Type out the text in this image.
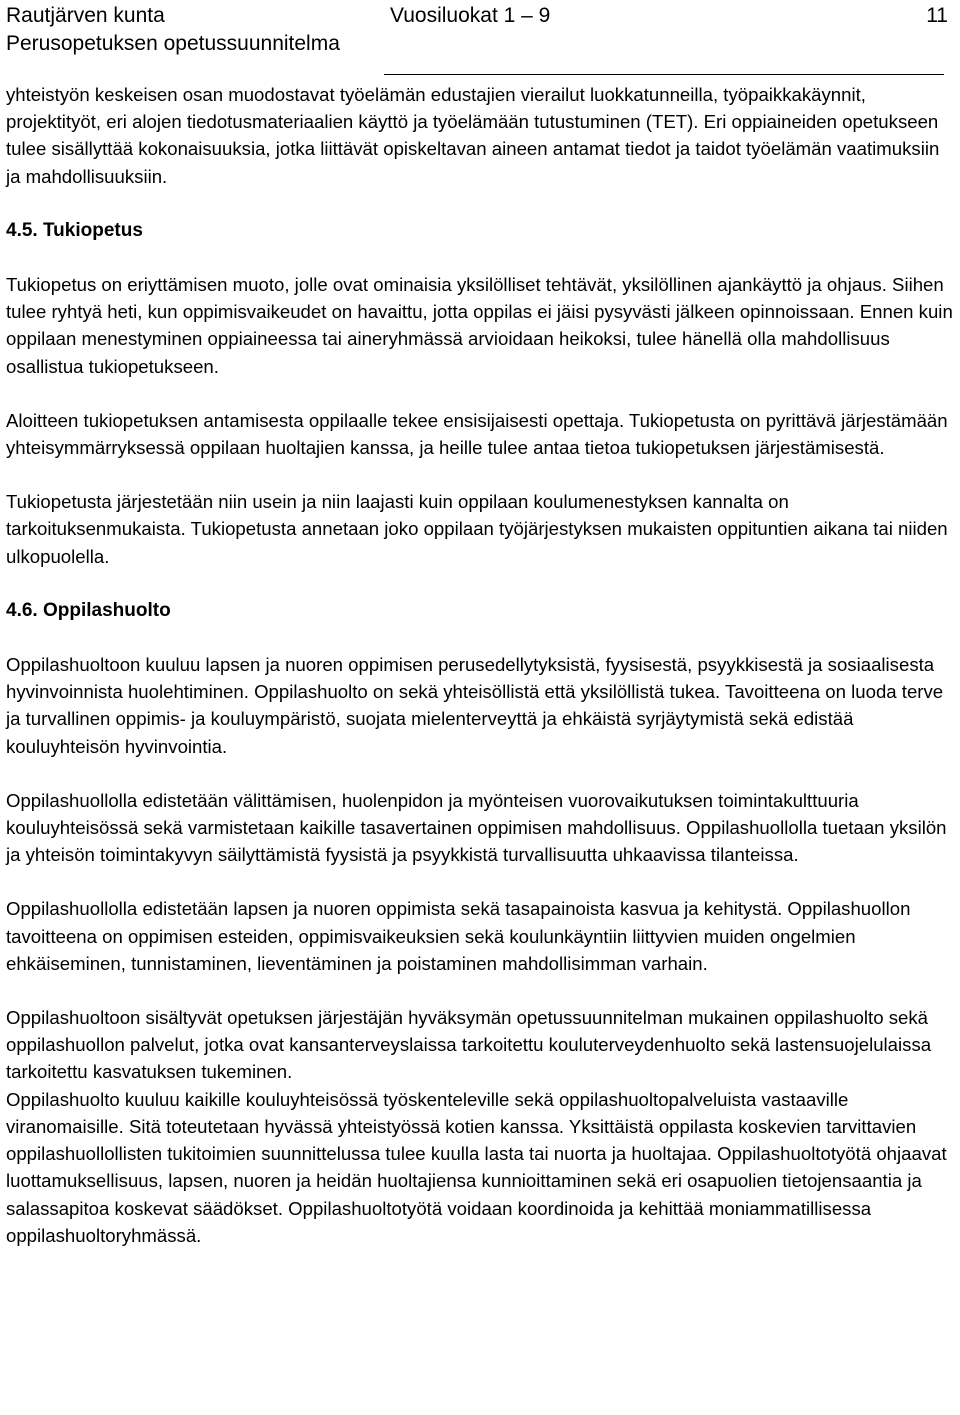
Rautjärven kunta
Perusopetuksen opetussuunnitelma
Vuosiluokat 1 – 9	11

yhteistyön keskeisen osan muodostavat työelämän edustajien vierailut luokkatunneilla, työpaikkakäynnit, projektityöt, eri alojen tiedotusmateriaalien käyttö ja työelämään tutustuminen (TET). Eri oppiaineiden opetukseen tulee sisällyttää kokonaisuuksia, jotka liittävät opiskeltavan aineen antamat tiedot ja taidot työelämän vaatimuksiin ja mahdollisuuksiin.

4.5. Tukiopetus

Tukiopetus on eriyttämisen muoto, jolle ovat ominaisia yksilölliset tehtävät, yksilöllinen ajankäyttö ja ohjaus. Siihen tulee ryhtyä heti, kun oppimisvaikeudet on havaittu, jotta oppilas ei jäisi pysyvästi jälkeen opinnoissaan. Ennen kuin oppilaan menestyminen oppiaineessa tai aineryhmässä arvioidaan heikoksi, tulee hänellä olla mahdollisuus osallistua tukiopetukseen.

Aloitteen tukiopetuksen antamisesta oppilaalle tekee ensisijaisesti opettaja. Tukiopetusta on pyrittävä järjestämään yhteisymmärryksessä oppilaan huoltajien kanssa, ja heille tulee antaa tietoa tukiopetuksen järjestämisestä.

Tukiopetusta järjestetään niin usein ja niin laajasti kuin oppilaan koulumenestyksen kannalta on tarkoituksenmukaista. Tukiopetusta annetaan joko oppilaan työjärjestyksen mukaisten oppituntien aikana tai niiden ulkopuolella.

4.6. Oppilashuolto

Oppilashuoltoon kuuluu lapsen ja nuoren oppimisen perusedellytyksistä, fyysisestä, psyykkisestä ja sosiaalisesta hyvinvoinnista huolehtiminen. Oppilashuolto on sekä yhteisöllistä että yksilöllistä tukea. Tavoitteena on luoda terve ja turvallinen oppimis- ja kouluympäristö, suojata mielenterveyttä ja ehkäistä syrjäytymistä sekä edistää kouluyhteisön hyvinvointia.

Oppilashuollolla edistetään välittämisen, huolenpidon ja myönteisen vuorovaikutuksen toimintakulttuuria kouluyhteisössä sekä varmistetaan kaikille tasavertainen oppimisen mahdollisuus. Oppilashuollolla tuetaan yksilön ja yhteisön toimintakyvyn säilyttämistä fyysistä ja psyykkistä turvallisuutta uhkaavissa tilanteissa.

Oppilashuollolla edistetään lapsen ja nuoren oppimista sekä tasapainoista kasvua ja kehitystä. Oppilashuollon tavoitteena on oppimisen esteiden, oppimisvaikeuksien sekä koulunkäyntiin liittyvien muiden ongelmien ehkäiseminen, tunnistaminen, lieventäminen ja poistaminen mahdollisimman varhain.

Oppilashuoltoon sisältyvät opetuksen järjestäjän hyväksymän opetussuunnitelman mukainen oppilashuolto sekä oppilashuollon palvelut, jotka ovat kansanterveyslaissa tarkoitettu kouluterveydenhuolto sekä lastensuojelulaissa tarkoitettu kasvatuksen tukeminen.

Oppilashuolto kuuluu kaikille kouluyhteisössä työskenteleville sekä oppilashuoltopalveluista vastaaville viranomaisille. Sitä toteutetaan hyvässä yhteistyössä kotien kanssa. Yksittäistä oppilasta koskevien tarvittavien oppilashuollollisten tukitoimien suunnittelussa tulee kuulla lasta tai nuorta ja huoltajaa. Oppilashuoltotyötä ohjaavat luottamuksellisuus, lapsen, nuoren ja heidän huoltajiensa kunnioittaminen sekä eri osapuolien tietojensaantia ja salassapitoa koskevat säädökset. Oppilashuoltotyötä voidaan koordinoida ja kehittää moniammatillisessa oppilashuoltoryhmässä.
